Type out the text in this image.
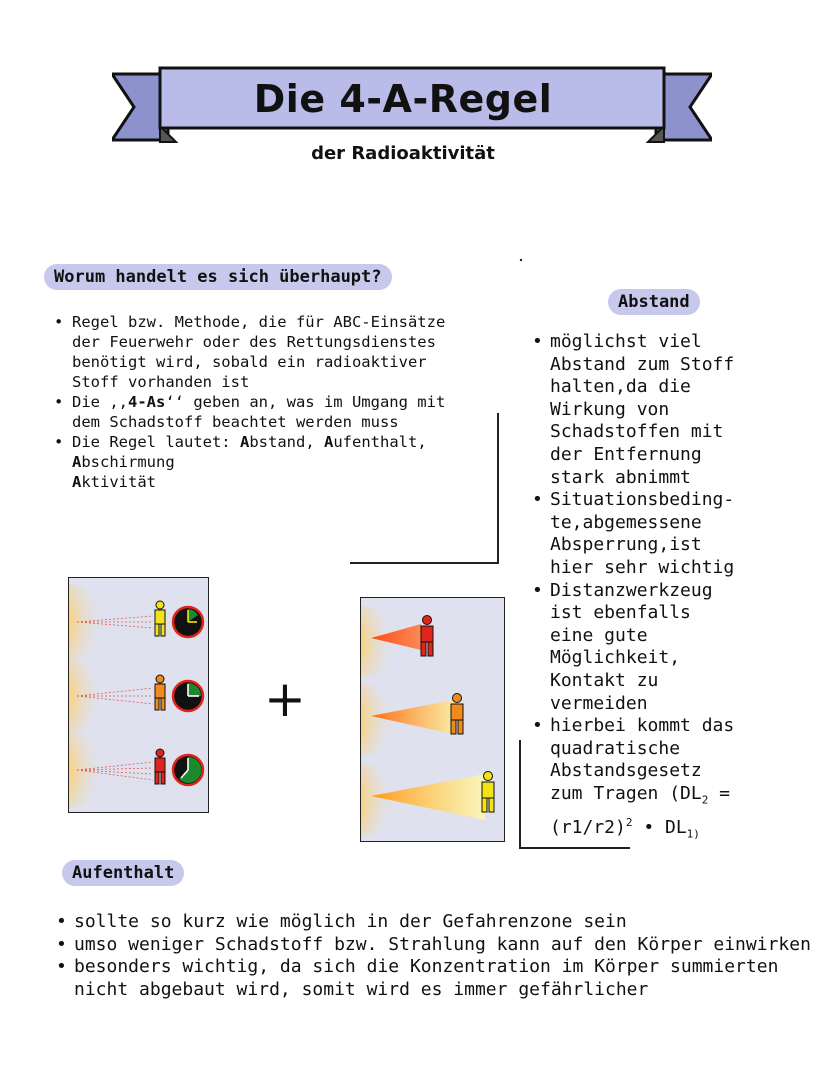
Die 4-A-Regel
der Radioaktivität
Worum handelt es sich überhaupt?
• Regel bzw. Methode, die für ABC-Einsätze der Feuerwehr oder des Rettungsdienstes benötigt wird, sobald ein radioaktiver Stoff vorhanden ist
• Die ,,4-As‘‘ geben an, was im Umgang mit dem Schadstoff beachtet werden muss
• Die Regel lautet: Abstand, Aufenthalt, Abschirmung
Aktivität
Abstand
• möglichst viel
Abstand zum Stoff
halten,da die
Wirkung von
Schadstoffen mit
der Entfernung
stark abnimmt
• Situationsbeding-
te,abgemessene
Absperrung,ist
hier sehr wichtig
• Distanzwerkzeug
ist ebenfalls
eine gute
Möglichkeit,
Kontakt zu
vermeiden
• hierbei kommt das
quadratische
Abstandsgesetz
zum Tragen ($DL_2$ =
$(r1/r2)^2$ • $DL_{1)}$
+
Aufenthalt
• sollte so kurz wie möglich in der Gefahrenzone sein
• umso weniger Schadstoff bzw. Strahlung kann auf den Körper einwirken
• besonders wichtig, da sich die Konzentration im Körper summierten nicht abgebaut wird, somit wird es immer gefährlicher
